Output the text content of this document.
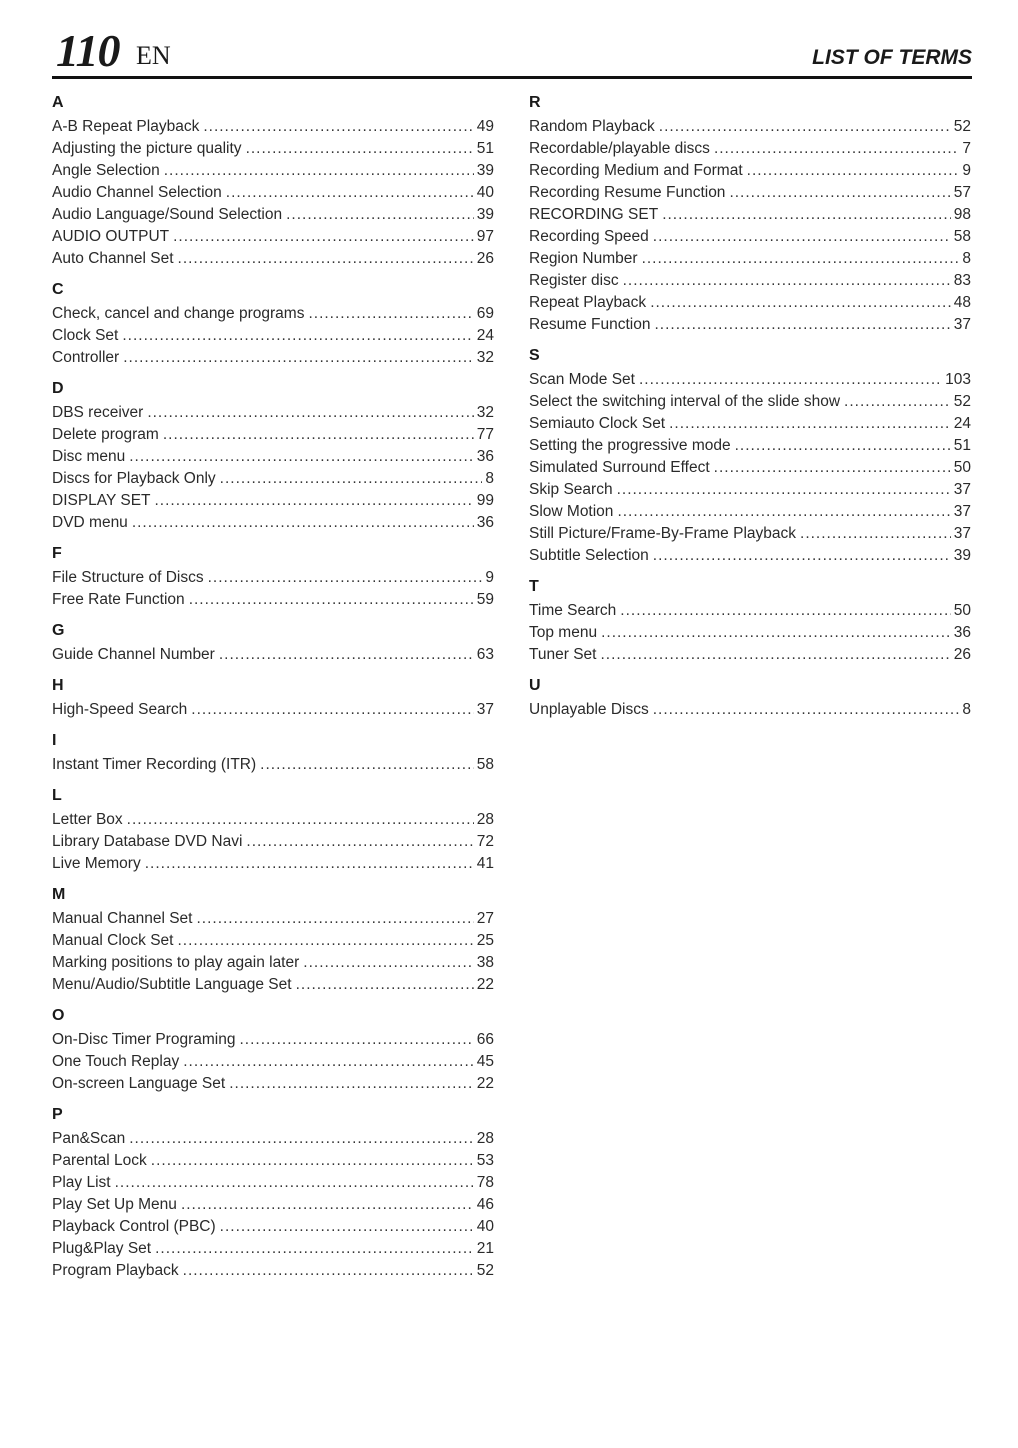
110 EN	LIST OF TERMS
A
A-B Repeat Playback .....	49
Adjusting the picture quality .....	51
Angle Selection .....	39
Audio Channel Selection .....	40
Audio Language/Sound Selection .....	39
AUDIO OUTPUT .....	97
Auto Channel Set .....	26
C
Check, cancel and change programs .....	69
Clock Set .....	24
Controller .....	32
D
DBS receiver .....	32
Delete program .....	77
Disc menu .....	36
Discs for Playback Only .....	8
DISPLAY SET .....	99
DVD menu .....	36
F
File Structure of Discs .....	9
Free Rate Function .....	59
G
Guide Channel Number .....	63
H
High-Speed Search .....	37
I
Instant Timer Recording (ITR) .....	58
L
Letter Box .....	28
Library Database DVD Navi .....	72
Live Memory .....	41
M
Manual Channel Set .....	27
Manual Clock Set .....	25
Marking positions to play again later .....	38
Menu/Audio/Subtitle Language Set .....	22
O
On-Disc Timer Programing .....	66
One Touch Replay .....	45
On-screen Language Set .....	22
P
Pan&Scan .....	28
Parental Lock .....	53
Play List .....	78
Play Set Up Menu .....	46
Playback Control (PBC) .....	40
Plug&Play Set .....	21
Program Playback .....	52
R
Random Playback .....	52
Recordable/playable discs .....	7
Recording Medium and Format .....	9
Recording Resume Function .....	57
RECORDING SET .....	98
Recording Speed .....	58
Region Number .....	8
Register disc .....	83
Repeat Playback .....	48
Resume Function .....	37
S
Scan Mode Set .....	103
Select the switching interval of the slide show .....	52
Semiauto Clock Set .....	24
Setting the progressive mode .....	51
Simulated Surround Effect .....	50
Skip Search .....	37
Slow Motion .....	37
Still Picture/Frame-By-Frame Playback .....	37
Subtitle Selection .....	39
T
Time Search .....	50
Top menu .....	36
Tuner Set .....	26
U
Unplayable Discs .....	8
